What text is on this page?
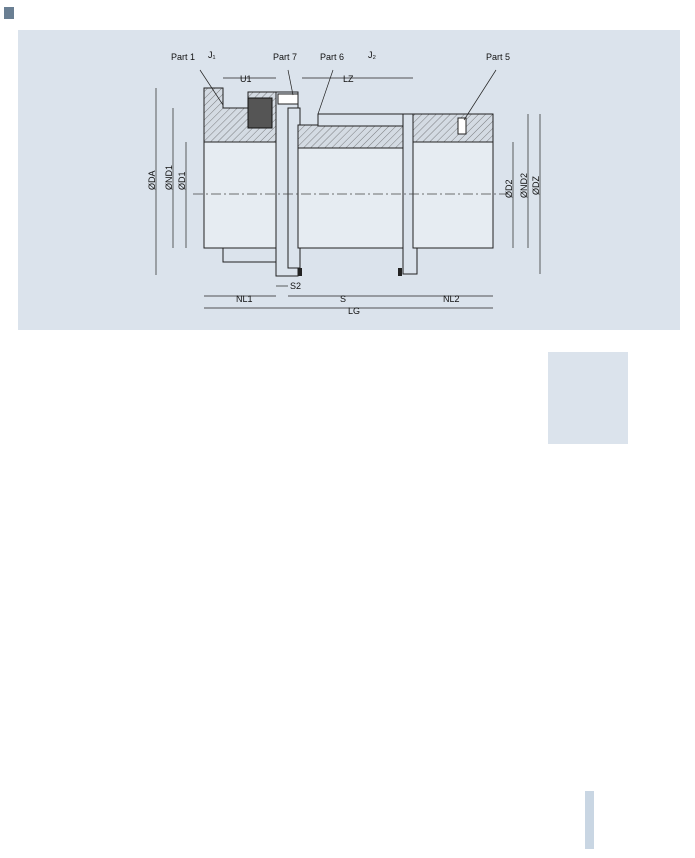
Part 1 J₁	Part 7	Part 6	J₂	Part 5
U1	LZ
NL1	S	NL2
LG
S2
ØDA ØND1 ØD1	ØD2 ØND2 ØDZ
